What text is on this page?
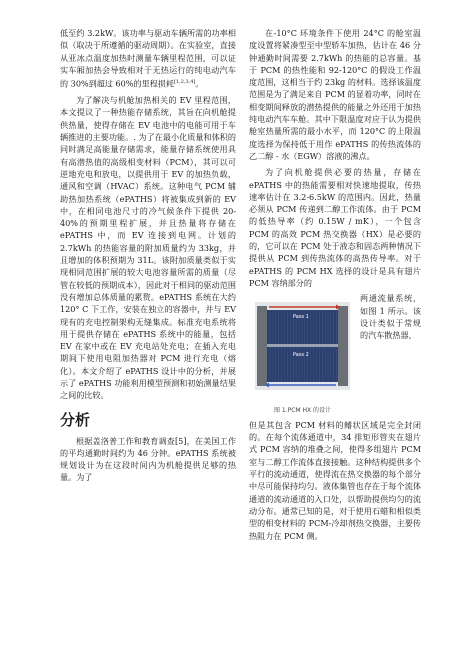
低至约 3.2kW。该功率与驱动车辆所需的功率相似（取决于所遵循的驱动周期）。在实验室，直接从亚冰点温度加热时测量车辆里程范围，可以证实车厢加热会导致相对于无热运行的纯电动汽车的 30%到超过 60%的里程损耗[1,2,3,4]。

为了解决与机舱加热相关的 EV 里程范围，本文提议了一种热能存储系统，其旨在向机舱提供热量，使得存储在 EV 电池中的电能可用于车辆推进的主要功能。. 为了在最小化质量和体积的同时满足高能量存储需求，能量存储系统使用具有高潜热值的高级相变材料（PCM），其可以可逆地充电和放电，以提供用于 EV 的加热负载，通风和空调（HVAC）系统。这种电气 PCM 辅助热加热系统（ePATHS）将被集成到新的 EV 中，在相同电池尺寸的冷气候条件下提供 20-40%的预期里程扩展，并且热量将存储在 ePATHS 中，而 EV 连接到电网。计划的 2.7kWh 的热能容量的附加质量约为 33kg，并且增加的体积预期为 31L。该附加质量类似于实现相同范围扩展的较大电池容量所需的质量（尽管在较低的预期成本），因此对于相同的驱动范围没有增加总体质量的累赘。ePATHS 系统在大约 120° C 下工作，安装在独立的容器中，并与 EV 现有的充电控制架构无缝集成。标准充电系统将用于提供存储在 ePATHS 系统中的能量，包括 EV 在家中或在 EV 充电站处充电；在插入充电期间下使用电阻加热器对 PCM 进行充电（熔化）。本文介绍了 ePATHS 设计中的分析，并展示了 ePATHS 功能利用模型预测和初始测量结果之间的比较。

分析

根据盖洛普工作和教育调查[5]，在美国工作的平均通勤时间约为 46 分钟。ePATHS 系统被规划设计为在这段时间内为机舱提供足够的热量。为了

在-10°C 环境条件下使用 24°C 的舱室温度设置将紧凑型至中型轿车加热，估计在 46 分钟通勤时间需要 2.7kWh 的热能的总容量。基于 PCM 的热性能和 92-120°C 的假设工作温度范围，这相当于约 23kg 的材料。选择该温度范围是为了满足来自 PCM 的显着功率，同时在相变期间释放的潜热提供的能量之外还用于加热纯电动汽车车舱。其中下限温度对应于认为提供舱室热量所需的最小水平，而 120°C 的上限温度选择为保持低于用作 ePATHS 的传热流体的乙二醇 - 水（EGW）溶液的沸点。

为了向机舱提供必要的热量，存储在 ePATHS 中的热能需要相对快速地提取，传热速率估计在 3.2-6.5kW 的范围内。因此，热量必须从 PCM 传递到二醇工作流体。由于 PCM 的低热导率（约 0.15W / mK），一个包含 PCM 的高效 PCM 热交换器（HX）是必要的的，它可以在 PCM 处于液态和固态两种情况下提供从 PCM 到传热流体的高热传导率。对于 ePATHS 的 PCM HX 选择的设计是具有翅片 PCM 容纳部分的

Pass 1
Pass 2
图 1.PCM HX 的设计

两通流量系统，如图 1 所示。该设计类似于常规的汽车散热器，

但是其包含 PCM 材料的鳍状区域是完全封闭的。在每个流体通道中，34 排矩形管夹在翅片式 PCM 容纳的堆叠之间，使得多组翅片 PCM 室与二醇工作流体直接接触。这种结构提供多个平行的流动通道，使得流在热交换器的每个部分中尽可能保持均匀。液体集管也存在于每个流体通道的流动通道的入口处，以帮助提供均匀的流动分布。通常已知的是，对于使用石蜡和相似类型的相变材料的 PCM-冷却剂热交换器，主要传热阻力在 PCM 侧。
